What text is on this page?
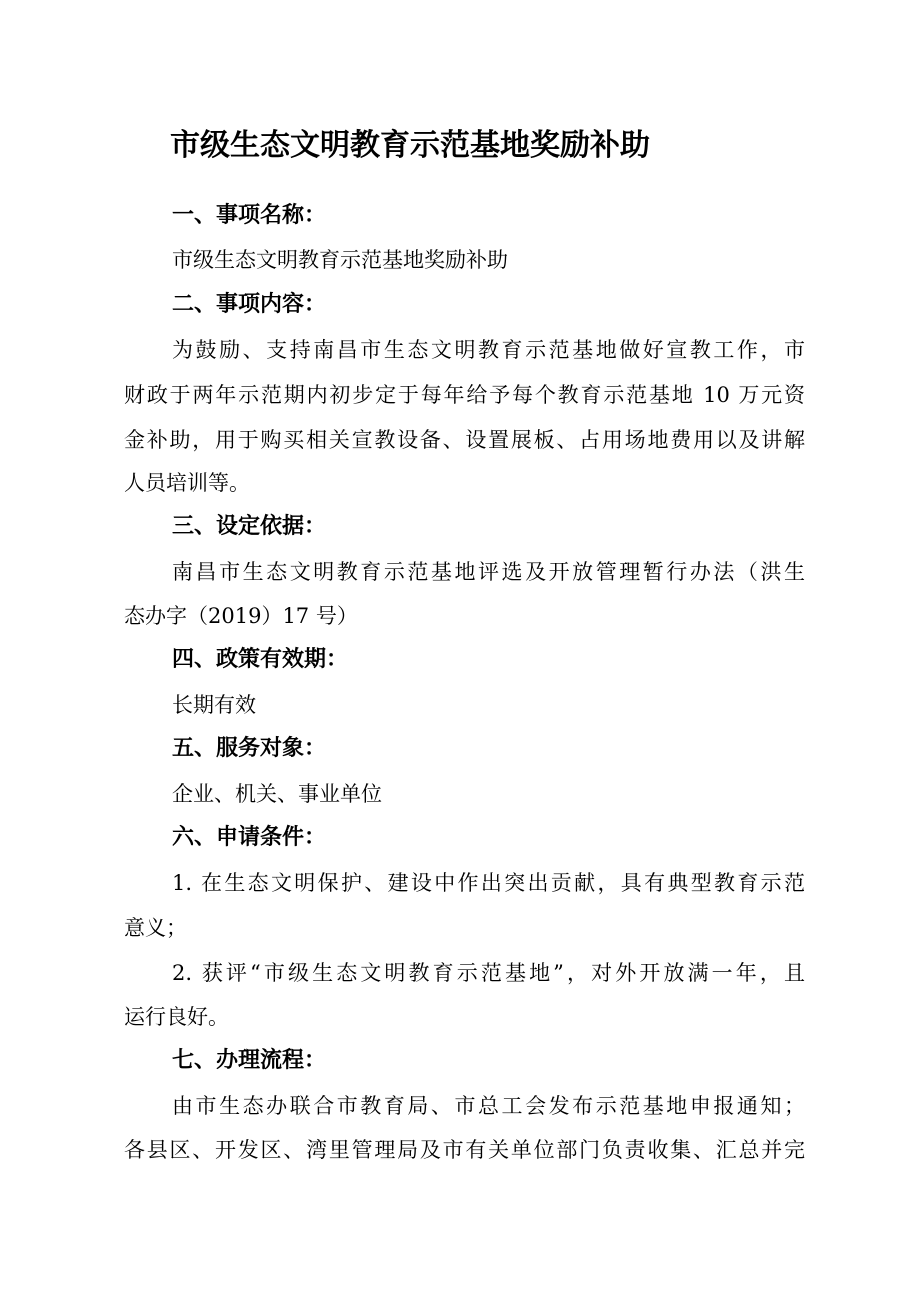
市级生态文明教育示范基地奖励补助
一、事项名称：
市级生态文明教育示范基地奖励补助
二、事项内容：
为鼓励、支持南昌市生态文明教育示范基地做好宣教工作，市
财政于两年示范期内初步定于每年给予每个教育示范基地 10 万元资
金补助，用于购买相关宣教设备、设置展板、占用场地费用以及讲解
人员培训等。
三、设定依据：
南昌市生态文明教育示范基地评选及开放管理暂行办法（洪生
态办字（2019）17 号）
四、政策有效期：
长期有效
五、服务对象：
企业、机关、事业单位
六、申请条件：
1. 在生态文明保护、建设中作出突出贡献，具有典型教育示范
意义；
2. 获评“市级生态文明教育示范基地”，对外开放满一年，且
运行良好。
七、办理流程：
由市生态办联合市教育局、市总工会发布示范基地申报通知；
各县区、开发区、湾里管理局及市有关单位部门负责收集、汇总并完
